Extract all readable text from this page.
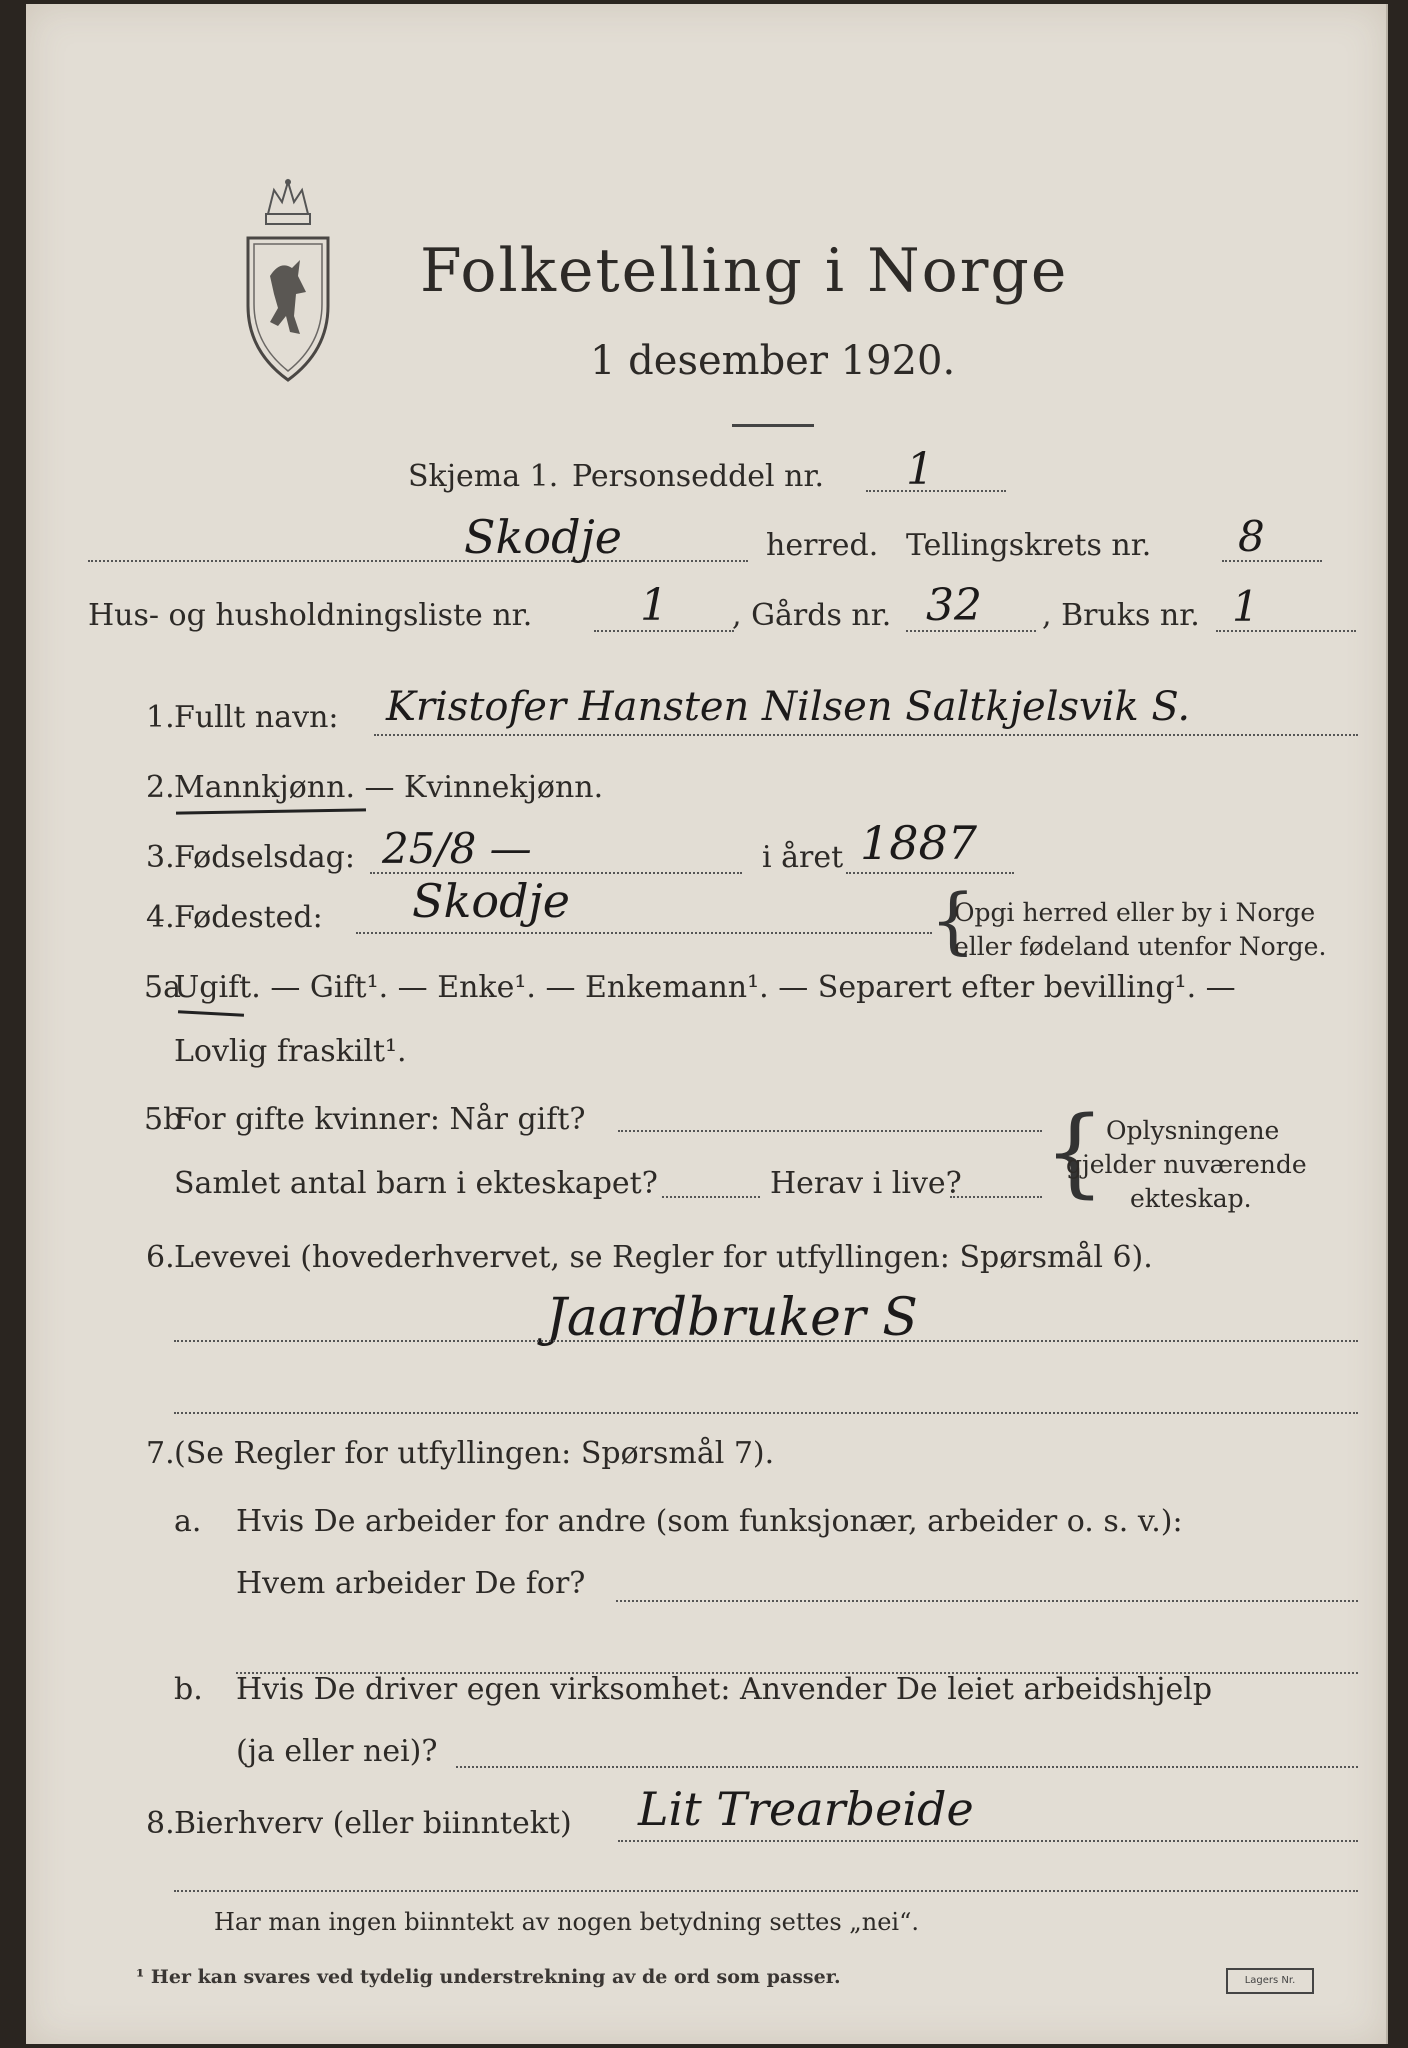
Folketelling i Norge
1 desember 1920.
Skjema 1. Personseddel nr. 1
Skodje	herred. Tellingskrets nr. 8
Hus- og husholdningsliste nr. 1 , Gårds nr. 32 , Bruks nr. 1
1. Fullt navn: Kristofer Hansten Nilsen Saltkjelsvik S.
2. Mannkjønn. — Kvinnekjønn.
3. Fødselsdag: 25/8 —	i året 1887
4. Fødested: Skodje	{
Opgi herred eller by i Norge
eller fødeland utenfor Norge.
5a
Ugift. — Gift¹. — Enke¹. — Enkemann¹. — Separert efter bevilling¹. —
Lovlig fraskilt¹.
5b
For gifte kvinner: Når gift?
Samlet antal barn i ekteskapet?	Herav i live? { Oplysningene
gjelder nuværende
ekteskap.
6. Levevei (hovederhvervet, se Regler for utfyllingen: Spørsmål 6).
Jaardbruker S
7. (Se Regler for utfyllingen: Spørsmål 7).
a. Hvis De arbeider for andre (som funksjonær, arbeider o. s. v.):
Hvem arbeider De for?
b. Hvis De driver egen virksomhet: Anvender De leiet arbeidshjelp
(ja eller nei)?
8. Bierhverv (eller biinntekt) Lit Trearbeide
Har man ingen biinntekt av nogen betydning settes „nei“.
¹ Her kan svares ved tydelig understrekning av de ord som passer.	Lagers Nr.
